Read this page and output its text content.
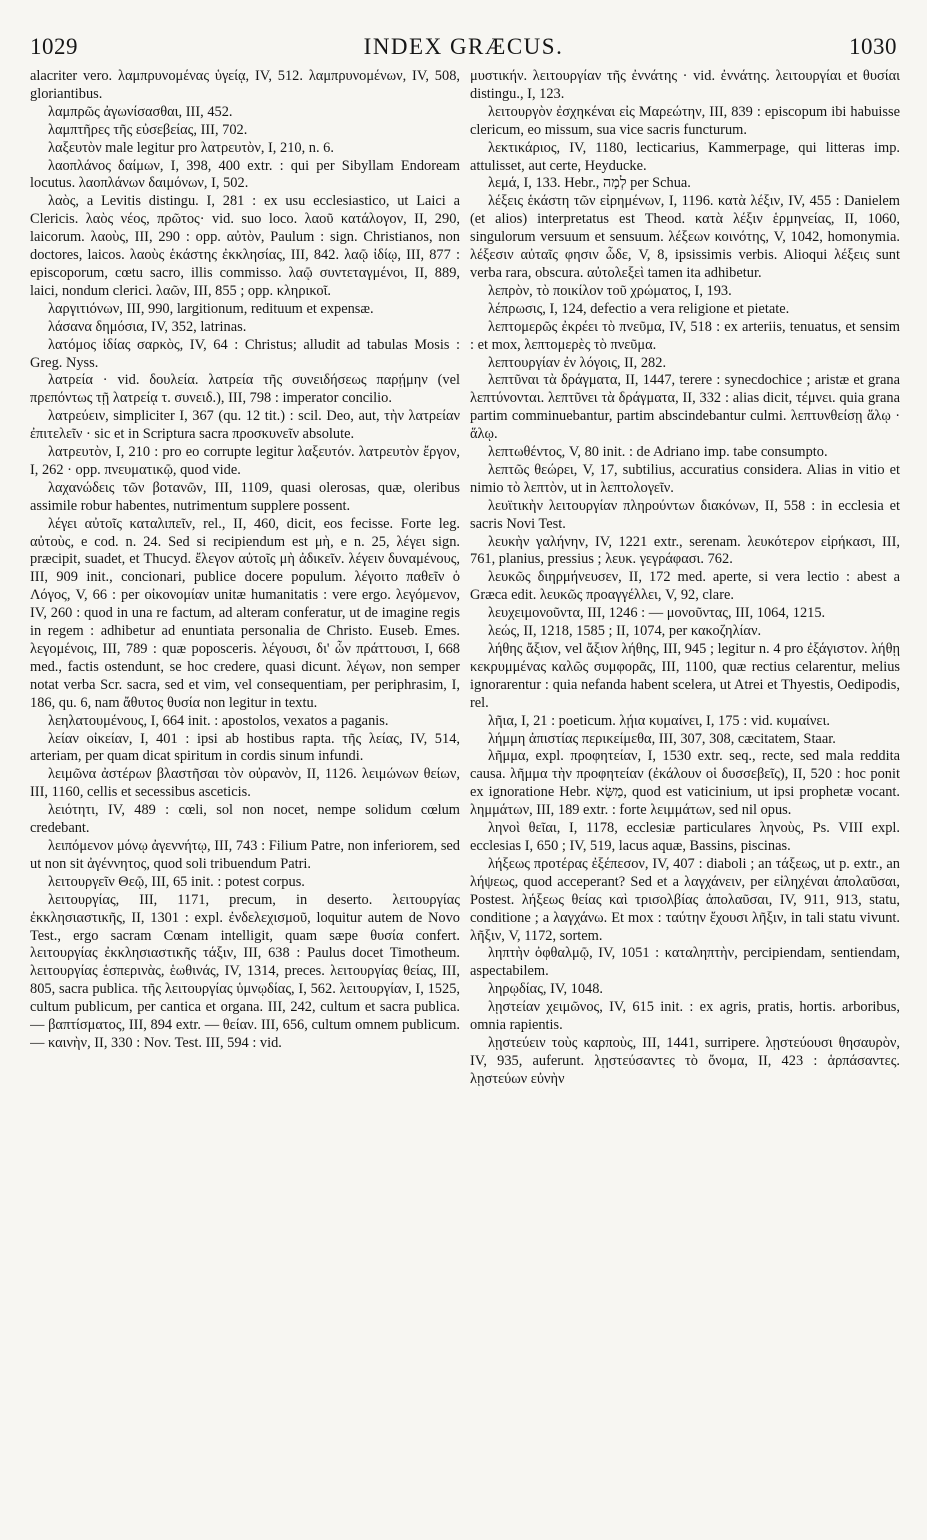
1029	INDEX GRÆCUS.	1030

alacriter vero. λαμπρυνομένας ὑγείᾳ, IV, 512. λαμπρυνομένων, IV, 508, gloriantibus.

λαμπρῶς ἀγωνίσασθαι, III, 452.

λαμπτῆρες τῆς εὐσεβείας, III, 702.

λαξευτὸν male legitur pro λατρευτὸν, I, 210, n. 6.

λαοπλάνος δαίμων, I, 398, 400 extr. : qui per Sibyllam Endoream locutus. λαοπλάνων δαιμόνων, I, 502.

λαὸς, a Levitis distingu. I, 281 : ex usu ecclesiastico, ut Laici a Clericis. λαὸς νέος, πρῶτος· vid. suo loco. λαοῦ κατάλογον, II, 290, laicorum. λαοὺς, III, 290 : opp. αὐτὸν, Paulum : sign. Christianos, non doctores, laicos. λαοὺς ἑκάστης ἐκκλησίας, III, 842. λαῷ ἰδίῳ, III, 877 : episcoporum, cœtu sacro, illis commisso. λαῷ συντεταγμένοι, II, 889, laici, nondum clerici. λαῶν, III, 855 ; opp. κληρικοῖ.

λαργιτιόνων, III, 990, largitionum, redituum et expensæ.

λάσανα δημόσια, IV, 352, latrinas.

λατόμος ἰδίας σαρκὸς, IV, 64 : Christus; alludit ad tabulas Mosis : Greg. Nyss.

λατρεία · vid. δουλεία. λατρεία τῆς συνειδήσεως παρῄμην (vel πρεπόντως τῇ λατρείᾳ τ. συνειδ.), III, 798 : imperator concilio.

λατρεύειν, simpliciter I, 367 (qu. 12 tit.) : scil. Deo, aut, τὴν λατρείαν ἐπιτελεῖν · sic et in Scriptura sacra προσκυνεῖν absolute.

λατρευτὸν, I, 210 : pro eo corrupte legitur λαξευτόν. λατρευτὸν ἔργον, I, 262 · opp. πνευματικῷ, quod vide.

λαχανώδεις τῶν βοτανῶν, III, 1109, quasi olerosas, quæ, oleribus assimile robur habentes, nutrimentum supplere possent.

λέγει αὐτοῖς καταλιπεῖν, rel., II, 460, dicit, eos fecisse. Forte leg. αὐτοὺς, e cod. n. 24. Sed si recipiendum est μὴ, e n. 25, λέγει sign. præcipit, suadet, et Thucyd. ἔλεγον αὐτοῖς μὴ ἀδικεῖν. λέγειν δυναμένους, III, 909 init., concionari, publice docere populum. λέγοιτο παθεῖν ὁ Λόγος, V, 66 : per οἰκονομίαν unitæ humanitatis : vere ergo. λεγόμενον, IV, 260 : quod in una re factum, ad alteram conferatur, ut de imagine regis in regem : adhibetur ad enuntiata personalia de Christo. Euseb. Emes. λεγομένοις, III, 789 : quæ poposceris. λέγουσι, δι' ὧν πράττουσι, I, 668 med., factis ostendunt, se hoc credere, quasi dicunt. λέγων, non semper notat verba Scr. sacra, sed et vim, vel consequentiam, per periphrasim, I, 186, qu. 6, nam ἄθυτος θυσία non legitur in textu.

λεηλατουμένους, I, 664 init. : apostolos, vexatos a paganis.

λείαν οἰκείαν, I, 401 : ipsi ab hostibus rapta. τῆς λείας, IV, 514, arteriam, per quam dicat spiritum in cordis sinum infundi.

λειμῶνα ἀστέρων βλαστῆσαι τὸν οὐρανὸν, II, 1126. λειμώνων θείων, III, 1160, cellis et secessibus asceticis.

λειότητι, IV, 489 : cœli, sol non nocet, nempe solidum cœlum credebant.

λειπόμενον μόνῳ ἀγεννήτῳ, III, 743 : Filium Patre, non inferiorem, sed ut non sit ἀγέννητος, quod soli tribuendum Patri.

λειτουργεῖν Θεῷ, III, 65 init. : potest corpus.

λειτουργίας, III, 1171, precum, in deserto. λειτουργίας ἐκκλησιαστικῆς, II, 1301 : expl. ἐνδελεχισμοῦ, loquitur autem de Novo Test., ergo sacram Cœnam intelligit, quam sæpe θυσία confert. λειτουργίας ἐκκλησιαστικῆς τάξιν, III, 638 : Paulus docet Timotheum. λειτουργίας ἑσπερινὰς, ἑωθινάς, IV, 1314, preces. λειτουργίας θείας, III, 805, sacra publica. τῆς λειτουργίας ὑμνῳδίας, I, 562. λειτουργίαν, I, 1525, cultum publicum, per cantica et organa. III, 242, cultum et sacra publica. — βαπτίσματος, III, 894 extr. — θείαν. III, 656, cultum omnem publicum. — καινὴν, II, 330 : Nov. Test. III, 594 : vid.

μυστικήν. λειτουργίαν τῆς ἐννάτης · vid. ἐννάτης. λειτουργίαι et θυσίαι distingu., I, 123.

λειτουργὸν ἐσχηκέναι εἰς Μαρεώτην, III, 839 : episcopum ibi habuisse clericum, eo missum, sua vice sacris functurum.

λεκτικάριος, IV, 1180, lecticarius, Kammerpage, qui litteras imp. attulisset, aut certe, Heyducke.

λεμά, I, 133. Hebr., לְמָה per Schua.

λέξεις ἑκάστη τῶν εἰρημένων, I, 1196. κατὰ λέξιν, IV, 455 : Danielem (et alios) interpretatus est Theod. κατὰ λέξιν ἑρμηνείας, II, 1060, singulorum versuum et sensuum. λέξεων κοινότης, V, 1042, homonymia. λέξεσιν αὐταῖς φησιν ὧδε, V, 8, ipsissimis verbis. Alioqui λέξεις sunt verba rara, obscura. αὐτολεξεὶ tamen ita adhibetur.

λεπρὸν, τὸ ποικίλον τοῦ χρώματος, I, 193.

λέπρωσις, I, 124, defectio a vera religione et pietate.

λεπτομερῶς ἐκρέει τὸ πνεῦμα, IV, 518 : ex arteriis, tenuatus, et sensim : et mox, λεπτομερὲς τὸ πνεῦμα.

λεπτουργίαν ἐν λόγοις, II, 282.

λεπτῦναι τὰ δράγματα, II, 1447, terere : synecdochice ; aristæ et grana λεπτύνονται. λεπτῦνει τὰ δράγματα, II, 332 : alias dicit, τέμνει. quia grana partim comminuebantur, partim abscindebantur culmi. λεπτυνθείσῃ ἅλῳ · ἅλῳ.

λεπτωθέντος, V, 80 init. : de Adriano imp. tabe consumpto.

λεπτῶς θεώρει, V, 17, subtilius, accuratius considera. Alias in vitio et nimio τὸ λεπτὸν, ut in λεπτολογεῖν.

λευϊτικὴν λειτουργίαν πληρούντων διακόνων, II, 558 : in ecclesia et sacris Novi Test.

λευκὴν γαλήνην, IV, 1221 extr., serenam. λευκότερον εἰρήκασι, III, 761, planius, pressius ; λευκ. γεγράφασι. 762.

λευκῶς διηρμήνευσεν, II, 172 med. aperte, si vera lectio : abest a Græca edit. λευκῶς προαγγέλλει, V, 92, clare.

λευχειμονοῦντα, III, 1246 : — μονοῦντας, III, 1064, 1215.

λεώς, II, 1218, 1585 ; II, 1074, per κακοζηλίαν.

λήθης ἄξιον, vel ἄξιον λήθης, III, 945 ; legitur n. 4 pro ἐξάγιστον. λήθῃ κεκρυμμένας καλῶς συμφορᾶς, III, 1100, quæ rectius celarentur, melius ignorarentur : quia nefanda habent scelera, ut Atrei et Thyestis, Oedipodis, rel.

λῆια, I, 21 : poeticum. λῄια κυμαίνει, I, 175 : vid. κυμαίνει.

λήμμη ἀπιστίας περικείμεθα, III, 307, 308, cæcitatem, Staar.

λῆμμα, expl. προφητείαν, I, 1530 extr. seq., recte, sed mala reddita causa. λῆμμα τὴν προφητείαν (ἐκάλουν οἱ δυσσεβεῖς), II, 520 : hoc ponit ex ignoratione Hebr. מַשָּׂא, quod est vaticinium, ut ipsi prophetæ vocant. λημμάτων, III, 189 extr. : forte λειμμάτων, sed nil opus.

ληνοὶ θεῖαι, I, 1178, ecclesiæ particulares ληνοὺς, Ps. VIII expl. ecclesias I, 650 ; IV, 519, lacus aquæ, Bassins, piscinas.

λήξεως προτέρας ἐξέπεσον, IV, 407 : diaboli ; an τάξεως, ut p. extr., an λήψεως, quod acceperant? Sed et a λαγχάνειν, per εἰληχέναι ἀπολαῦσαι, Postest. λήξεως θείας καὶ τρισολβίας ἀπολαῦσαι, IV, 911, 913, statu, conditione ; a λαγχάνω. Et mox : ταύτην ἔχουσι λῆξιν, in tali statu vivunt. λῆξιν, V, 1172, sortem.

ληπτὴν ὀφθαλμῷ, IV, 1051 : καταληπτὴν, percipiendam, sentiendam, aspectabilem.

ληρῳδίας, IV, 1048.

λῃστείαν χειμῶνος, IV, 615 init. : ex agris, pratis, hortis. arboribus, omnia rapientis.

λῃστεύειν τοὺς καρποὺς, III, 1441, surripere. λῃστεύουσι θησαυρὸν, IV, 935, auferunt. λῃστεύσαντες τὸ ὄνομα, II, 423 : ἁρπάσαντες. λῃστεύων εὐνὴν
